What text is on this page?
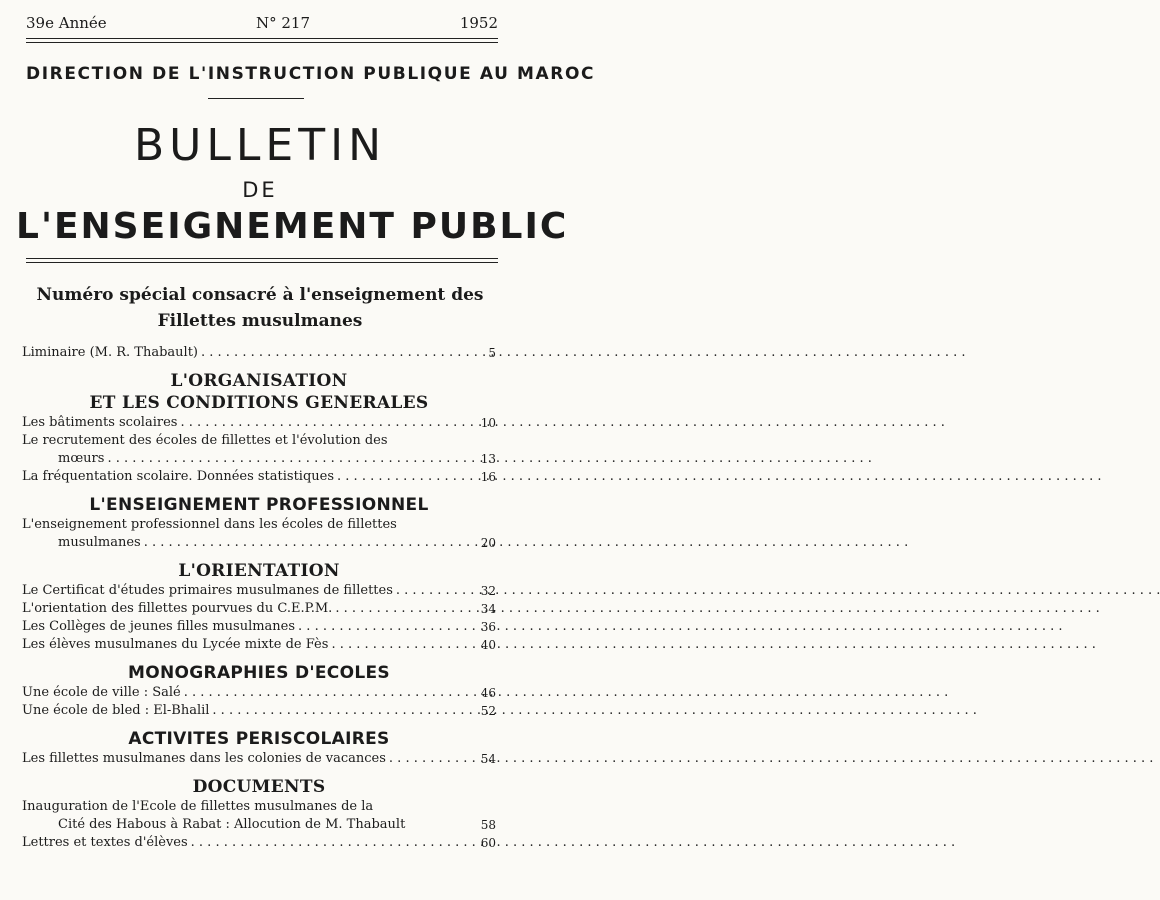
39e Année	N° 217	1952
DIRECTION DE L'INSTRUCTION PUBLIQUE AU MAROC
BULLETIN
DE
L'ENSEIGNEMENT PUBLIC
Numéro spécial consacré à l'enseignement des Fillettes musulmanes
Liminaire (M. R. Thabault) . . .	5
L'ORGANISATION
ET LES CONDITIONS GENERALES
Les bâtiments scolaires . . .	10
Le recrutement des écoles de fillettes et l'évolution des
mœurs . . .	13
La fréquentation scolaire. Données statistiques . . .	16
L'ENSEIGNEMENT PROFESSIONNEL
L'enseignement professionnel dans les écoles de fillettes
musulmanes . . .	20
L'ORIENTATION
Le Certificat d'études primaires musulmanes de fillettes . . .	32
L'orientation des fillettes pourvues du C.E.P.M. . . .	34
Les Collèges de jeunes filles musulmanes . . .	36
Les élèves musulmanes du Lycée mixte de Fès . . .	40
MONOGRAPHIES D'ECOLES
Une école de ville : Salé . . .	46
Une école de bled : El-Bhalil . . .	52
ACTIVITES PERISCOLAIRES
Les fillettes musulmanes dans les colonies de vacances . . .	54
DOCUMENTS
Inauguration de l'Ecole de fillettes musulmanes de la
Cité des Habous à Rabat : Allocution de M. Thabault	58
Lettres et textes d'élèves . . .	60
